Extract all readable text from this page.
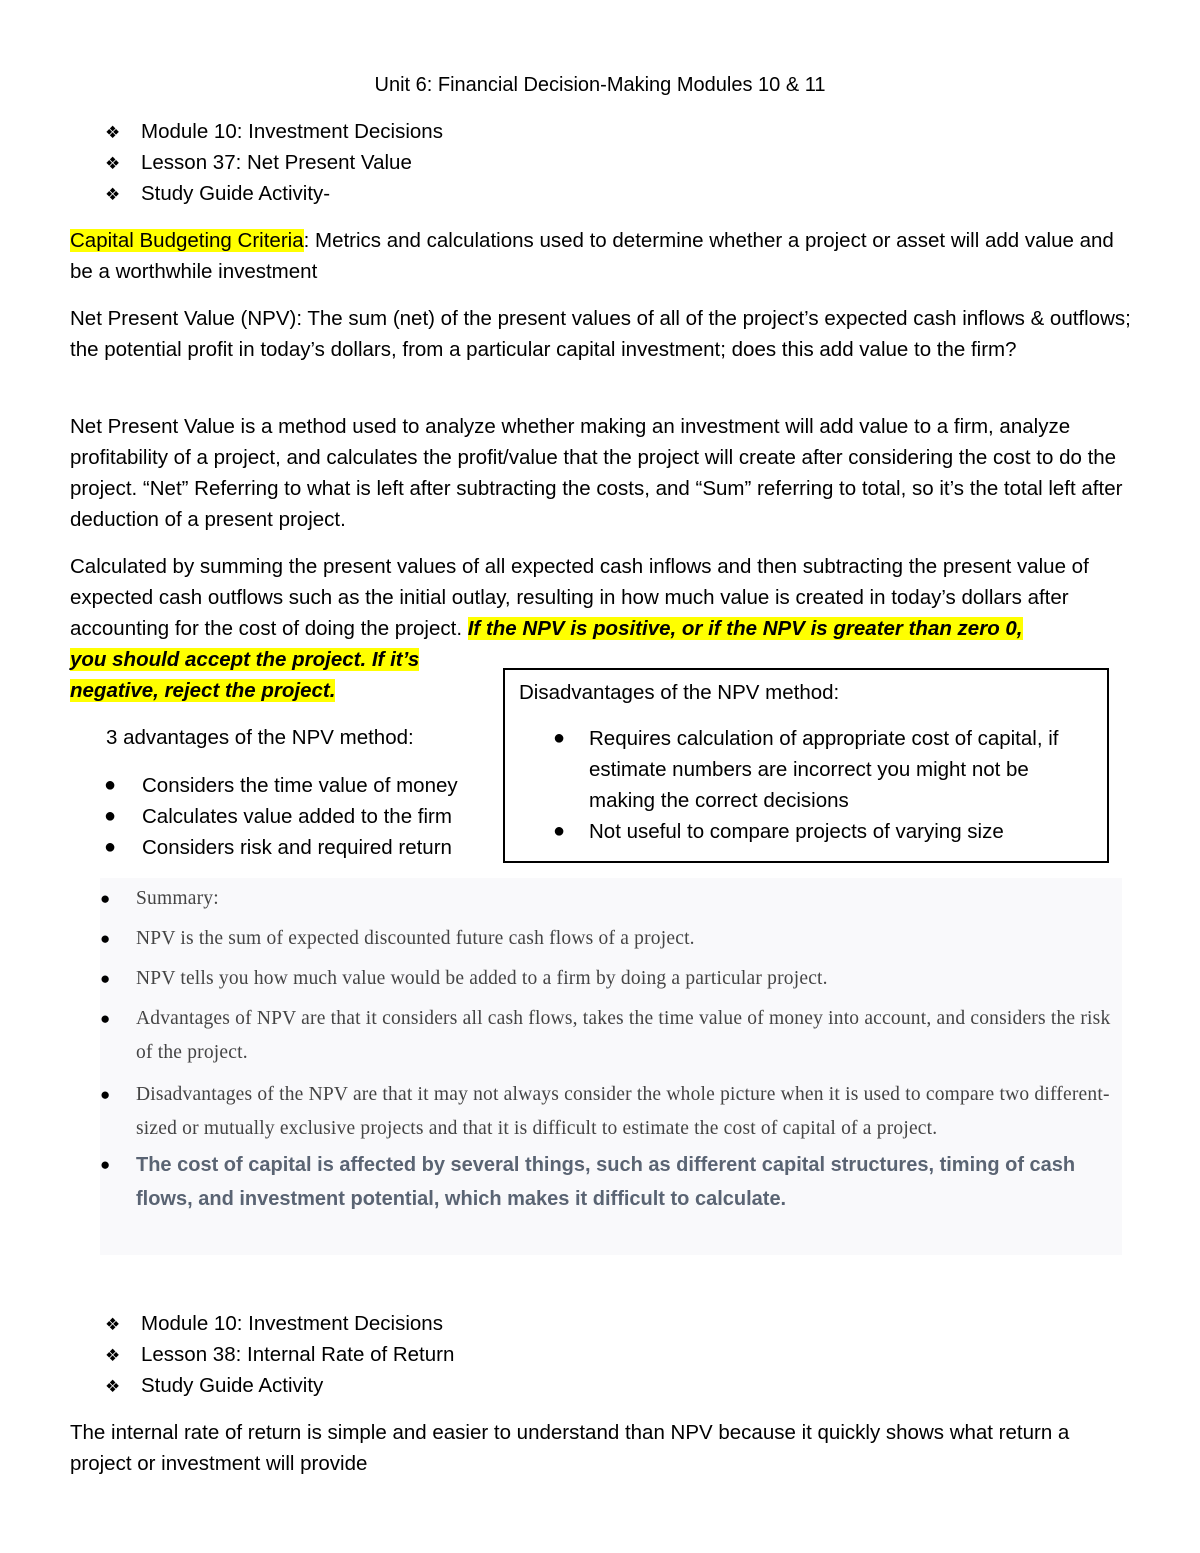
Unit 6: Financial Decision-Making Modules 10 & 11
❖ Module 10: Investment Decisions
❖ Lesson 37: Net Present Value
❖ Study Guide Activity-

Capital Budgeting Criteria: Metrics and calculations used to determine whether a project or asset will add value and be a worthwhile investment

Net Present Value (NPV): The sum (net) of the present values of all of the project’s expected cash inflows & outflows; the potential profit in today’s dollars, from a particular capital investment; does this add value to the firm?

Net Present Value is a method used to analyze whether making an investment will add value to a firm, analyze profitability of a project, and calculates the profit/value that the project will create after considering the cost to do the project. “Net” Referring to what is left after subtracting the costs, and “Sum” referring to total, so it’s the total left after deduction of a present project.

Calculated by summing the present values of all expected cash inflows and then subtracting the present value of expected cash outflows such as the initial outlay, resulting in how much value is created in today’s dollars after accounting for the cost of doing the project. If the NPV is positive, or if the NPV is greater than zero 0,

you should accept the project. If it’s
negative, reject the project.
3 advantages of the NPV method:
● Considers the time value of money
● Calculates value added to the firm
● Considers risk and required return
Disadvantages of the NPV method:
● Requires calculation of appropriate cost of capital, if estimate numbers are incorrect you might not be making the correct decisions
● Not useful to compare projects of varying size
● Summary:
● NPV is the sum of expected discounted future cash flows of a project.
● NPV tells you how much value would be added to a firm by doing a particular project.
● Advantages of NPV are that it considers all cash flows, takes the time value of money into account, and considers the risk of the project.
● Disadvantages of the NPV are that it may not always consider the whole picture when it is used to compare two different-sized or mutually exclusive projects and that it is difficult to estimate the cost of capital of a project.
● The cost of capital is affected by several things, such as different capital structures, timing of cash flows, and investment potential, which makes it difficult to calculate.
❖ Module 10: Investment Decisions
❖ Lesson 38: Internal Rate of Return
❖ Study Guide Activity

The internal rate of return is simple and easier to understand than NPV because it quickly shows what return a project or investment will provide
